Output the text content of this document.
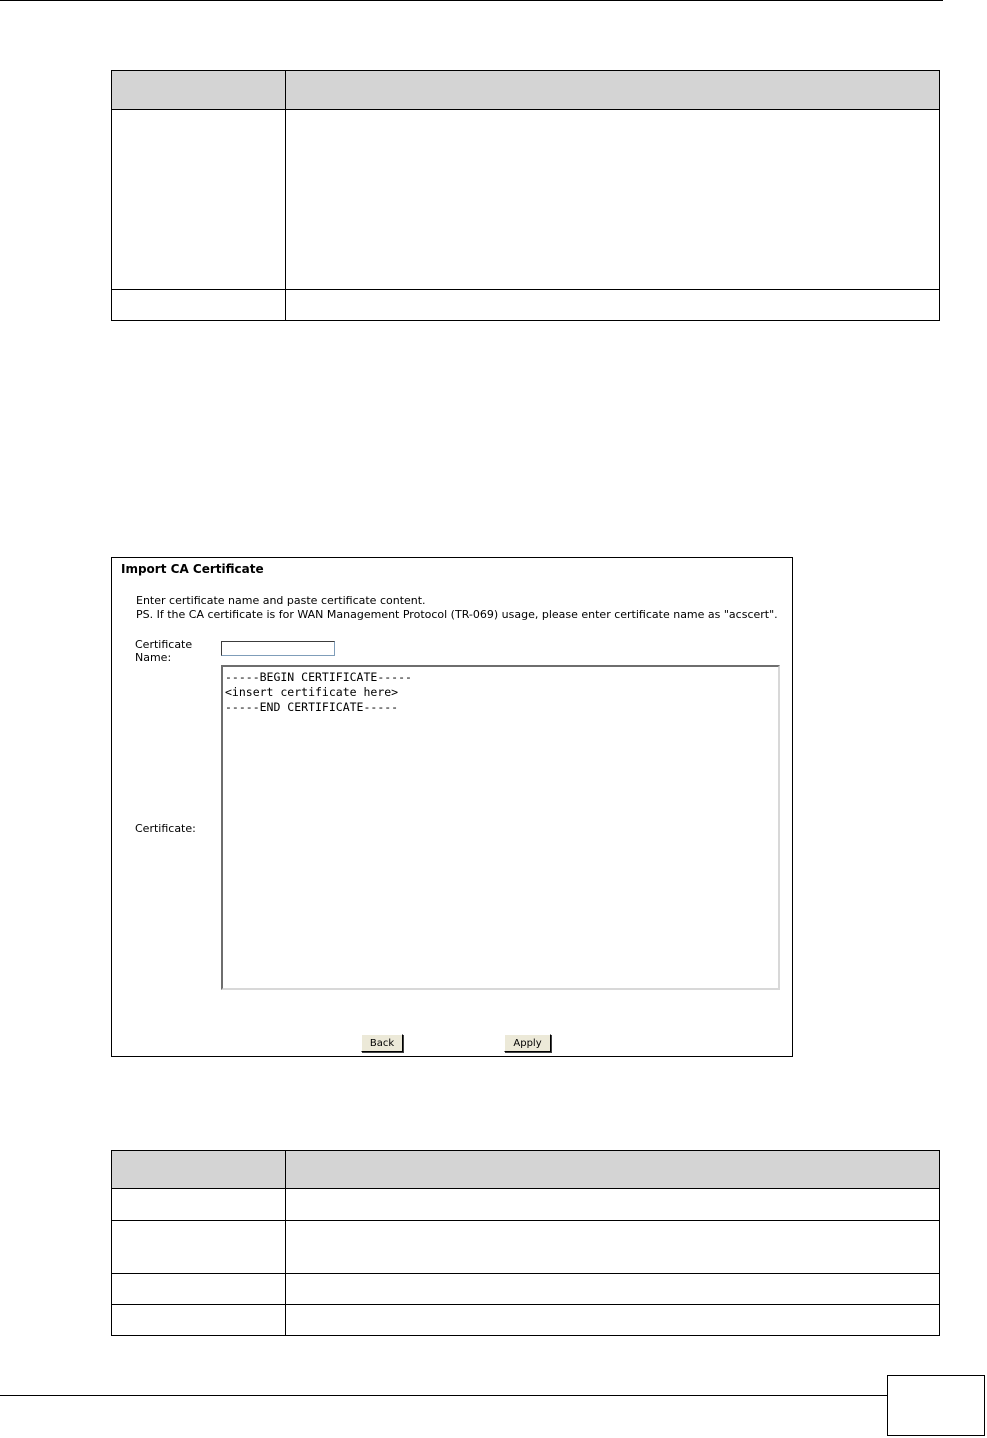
Import CA Certificate
Enter certificate name and paste certificate content.
PS. If the CA certificate is for WAN Management Protocol (TR-069) usage, please enter certificate name as "acscert".
Certificate Name:
Certificate:
-----BEGIN CERTIFICATE----- <insert certificate here> -----END CERTIFICATE-----
Back	Apply
